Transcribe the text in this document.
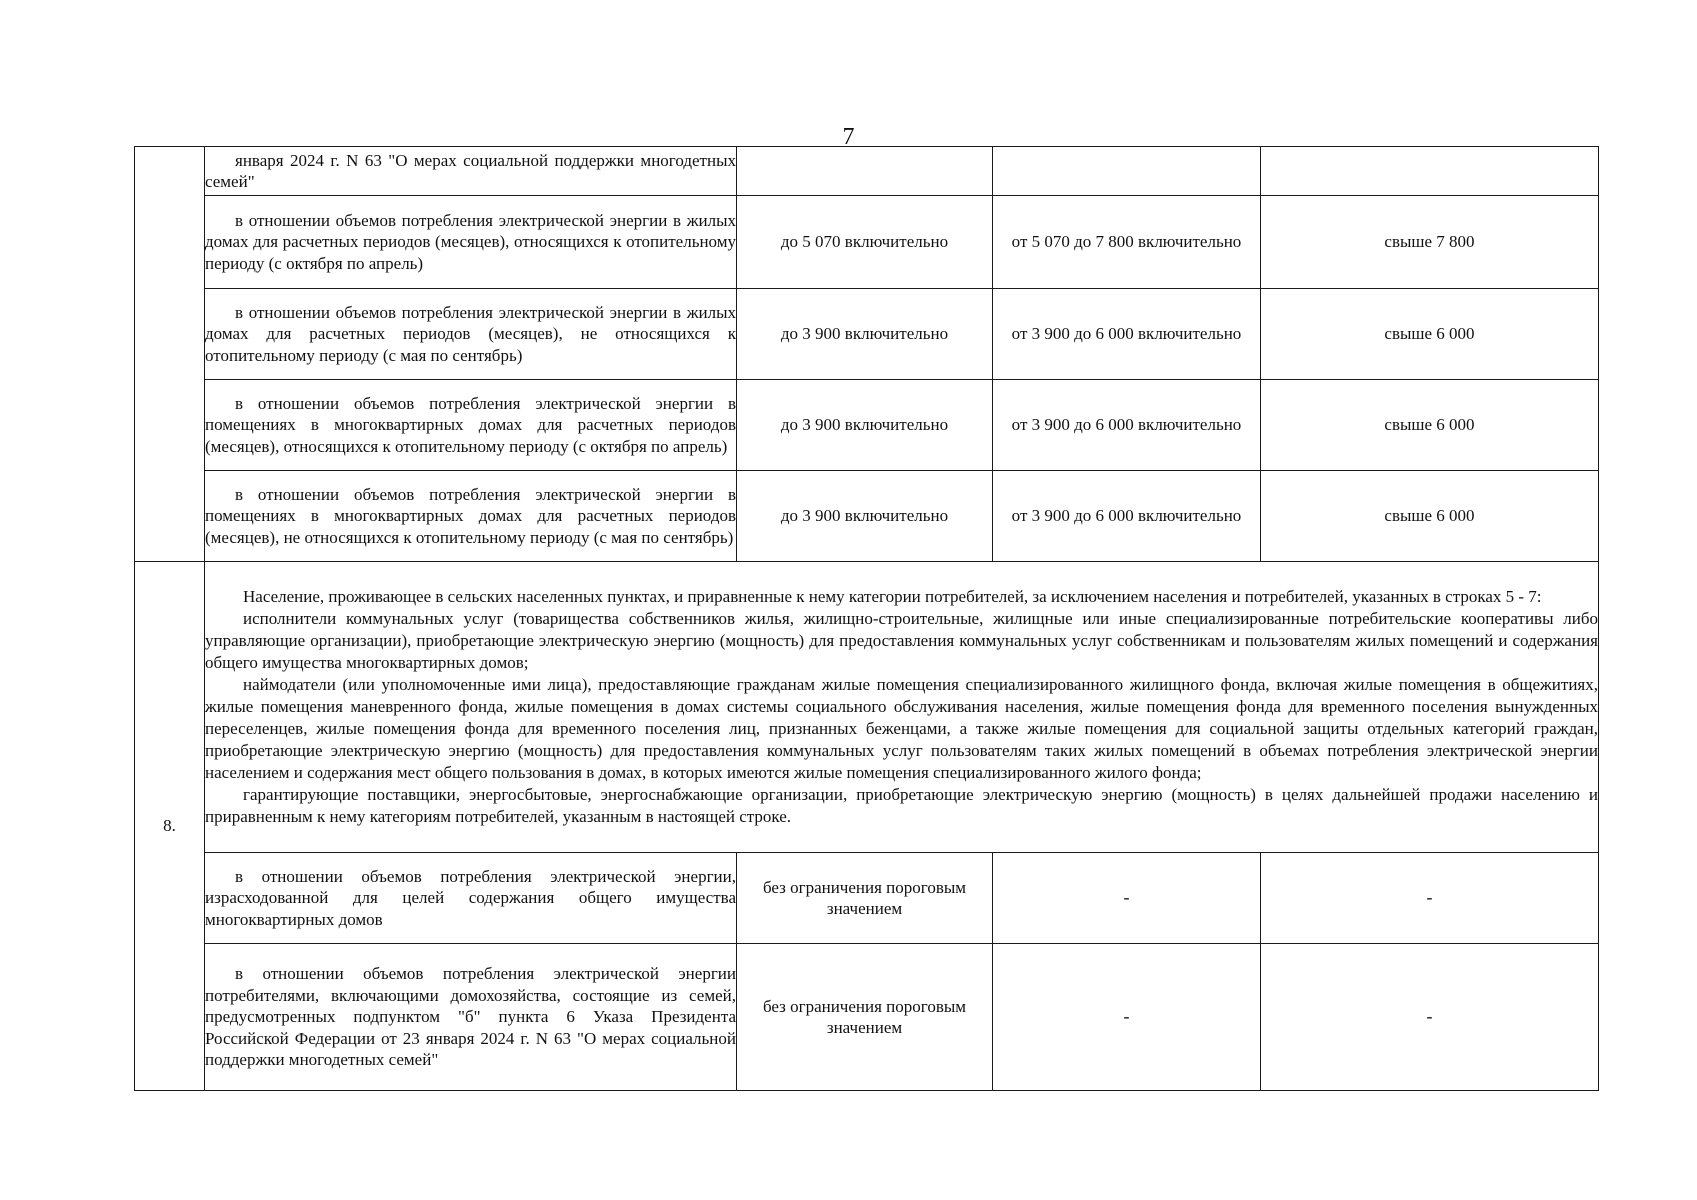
7
	января 2024 г. N 63 "О мерах социальной поддержки многодетных семей"			
	в отношении объемов потребления электрической энергии в жилых домах для расчетных периодов (месяцев), относящихся к отопительному периоду (с октября по апрель)	до 5 070 включительно	от 5 070 до 7 800 включительно	свыше 7 800
	в отношении объемов потребления электрической энергии в жилых домах для расчетных периодов (месяцев), не относящихся к отопительному периоду (с мая по сентябрь)	до 3 900 включительно	от 3 900 до 6 000 включительно	свыше 6 000
	в отношении объемов потребления электрической энергии в помещениях в многоквартирных домах для расчетных периодов (месяцев), относящихся к отопительному периоду (с октября по апрель)	до 3 900 включительно	от 3 900 до 6 000 включительно	свыше 6 000
	в отношении объемов потребления электрической энергии в помещениях в многоквартирных домах для расчетных периодов (месяцев), не относящихся к отопительному периоду (с мая по сентябрь)	до 3 900 включительно	от 3 900 до 6 000 включительно	свыше 6 000
8.	Население, проживающее в сельских населенных пунктах, и приравненные к нему категории потребителей, за исключением населения и потребителей, указанных в строках 5 - 7:

исполнители коммунальных услуг (товарищества собственников жилья, жилищно-строительные, жилищные или иные специализированные потребительские кооперативы либо управляющие организации), приобретающие электрическую энергию (мощность) для предоставления коммунальных услуг собственникам и пользователям жилых помещений и содержания общего имущества многоквартирных домов;

наймодатели (или уполномоченные ими лица), предоставляющие гражданам жилые помещения специализированного жилищного фонда, включая жилые помещения в общежитиях, жилые помещения маневренного фонда, жилые помещения в домах системы социального обслуживания населения, жилые помещения фонда для временного поселения вынужденных переселенцев, жилые помещения фонда для временного поселения лиц, признанных беженцами, а также жилые помещения для социальной защиты отдельных категорий граждан, приобретающие электрическую энергию (мощность) для предоставления коммунальных услуг пользователям таких жилых помещений в объемах потребления электрической энергии населением и содержания мест общего пользования в домах, в которых имеются жилые помещения специализированного жилого фонда;

гарантирующие поставщики, энергосбытовые, энергоснабжающие организации, приобретающие электрическую энергию (мощность) в целях дальнейшей продажи населению и приравненным к нему категориям потребителей, указанным в настоящей строке.			

	в отношении объемов потребления электрической энергии, израсходованной для целей содержания общего имущества многоквартирных домов	без ограничения пороговым значением	-	-
	в отношении объемов потребления электрической энергии потребителями, включающими домохозяйства, состоящие из семей, предусмотренных подпунктом "б" пункта 6 Указа Президента Российской Федерации от 23 января 2024 г. N 63 "О мерах социальной поддержки многодетных семей"	без ограничения пороговым значением	-	-
